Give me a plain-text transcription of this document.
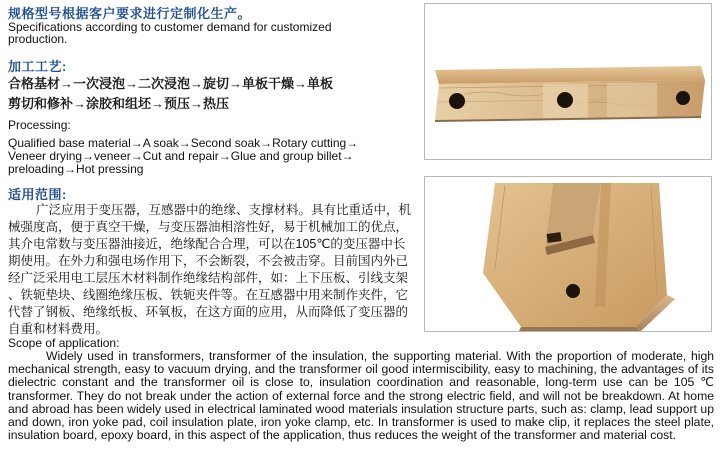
规格型号根据客户要求进行定制化生产。
Specifications according to customer demand for customized
production.
加工工艺:
合格基材→一次浸泡→二次浸泡→旋切→单板干燥→单板
剪切和修补→涂胶和组坯→预压→热压
Processing:
Qualified base material→A soak→Second soak→Rotary cutting→
Veneer drying→veneer→Cut and repair→Glue and group billet→
preloading→Hot pressing
适用范围:
广泛应用于变压器，互感器中的绝缘、支撑材料。具有比重适中，机
械强度高，便于真空干燥，与变压器油相溶性好，易于机械加工的优点，
其介电常数与变压器油接近，绝缘配合合理，可以在105℃的变压器中长
期使用。在外力和强电场作用下，不会断裂，不会被击穿。目前国内外已
经广泛采用电工层压木材料制作绝缘结构部件，如：上下压板、引线支架
、铁轭垫块、线圈绝缘压板、铁轭夹件等。在互感器中用来制作夹件，它
代替了钢板、绝缘纸板、环氧板，在这方面的应用，从而降低了变压器的
自重和材料费用。
Scope of application:

Widely used in transformers, transformer of the insulation, the supporting material. With the proportion of moderate, high mechanical strength, easy to vacuum drying, and the transformer oil good intermiscibility, easy to machining, the advantages of its dielectric constant and the transformer oil is close to, insulation coordination and reasonable, long-term use can be 105 ℃ transformer. They do not break under the action of external force and the strong electric field, and will not be breakdown. At home and abroad has been widely used in electrical laminated wood materials insulation structure parts, such as: clamp, lead support up and down, iron yoke pad, coil insulation plate, iron yoke clamp, etc. In transformer is used to make clip, it replaces the steel plate, insulation board, epoxy board, in this aspect of the application, thus reduces the weight of the transformer and material cost.
